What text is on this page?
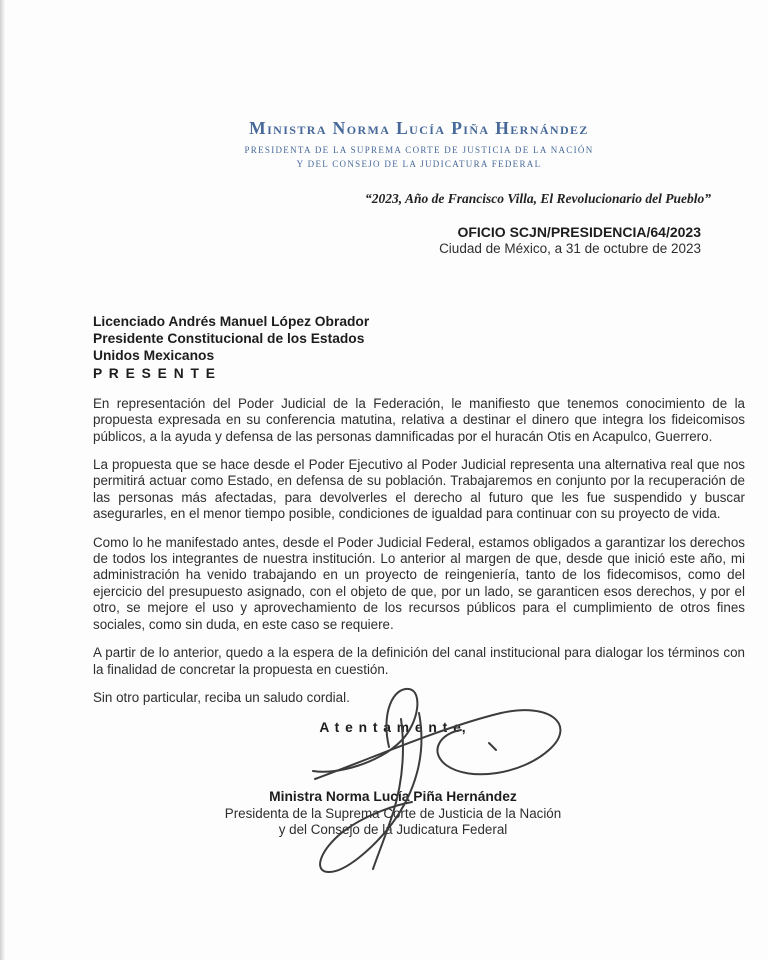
Ministra Norma Lucía Piña Hernández
PRESIDENTA DE LA SUPREMA CORTE DE JUSTICIA DE LA NACIÓN
Y DEL CONSEJO DE LA JUDICATURA FEDERAL
“2023, Año de Francisco Villa, El Revolucionario del Pueblo”
OFICIO SCJN/PRESIDENCIA/64/2023
Ciudad de México, a 31 de octubre de 2023
Licenciado Andrés Manuel López Obrador
Presidente Constitucional de los Estados
Unidos Mexicanos
P R E S E N T E

En representación del Poder Judicial de la Federación, le manifiesto que tenemos conocimiento de la propuesta expresada en su conferencia matutina, relativa a destinar el dinero que integra los fideicomisos públicos, a la ayuda y defensa de las personas damnificadas por el huracán Otis en Acapulco, Guerrero.

La propuesta que se hace desde el Poder Ejecutivo al Poder Judicial representa una alternativa real que nos permitirá actuar como Estado, en defensa de su población. Trabajaremos en conjunto por la recuperación de las personas más afectadas, para devolverles el derecho al futuro que les fue suspendido y buscar asegurarles, en el menor tiempo posible, condiciones de igualdad para continuar con su proyecto de vida.

Como lo he manifestado antes, desde el Poder Judicial Federal, estamos obligados a garantizar los derechos de todos los integrantes de nuestra institución. Lo anterior al margen de que, desde que inició este año, mi administración ha venido trabajando en un proyecto de reingeniería, tanto de los fidecomisos, como del ejercicio del presupuesto asignado, con el objeto de que, por un lado, se garanticen esos derechos, y por el otro, se mejore el uso y aprovechamiento de los recursos públicos para el cumplimiento de otros fines sociales, como sin duda, en este caso se requiere.

A partir de lo anterior, quedo a la espera de la definición del canal institucional para dialogar los términos con la finalidad de concretar la propuesta en cuestión.

Sin otro particular, reciba un saludo cordial.

A t e n t a m e n t e,
Ministra Norma Lucía Piña Hernández
Presidenta de la Suprema Corte de Justicia de la Nación
y del Consejo de la Judicatura Federal
